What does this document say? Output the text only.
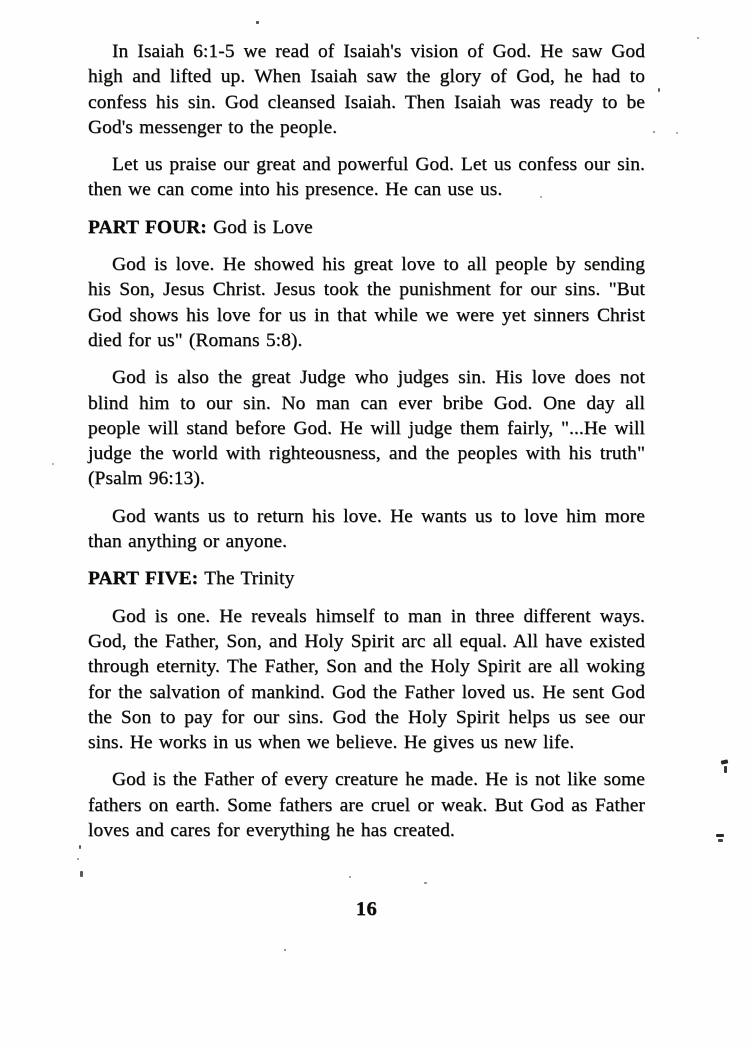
In Isaiah 6:1-5 we read of Isaiah's vision of God. He saw God high and lifted up. When Isaiah saw the glory of God, he had to confess his sin. God cleansed Isaiah. Then Isaiah was ready to be God's messenger to the people.

Let us praise our great and powerful God. Let us confess our sin. then we can come into his presence. He can use us.

PART FOUR: God is Love

God is love. He showed his great love to all people by sending his Son, Jesus Christ. Jesus took the punishment for our sins. "But God shows his love for us in that while we were yet sinners Christ died for us" (Romans 5:8).

God is also the great Judge who judges sin. His love does not blind him to our sin. No man can ever bribe God. One day all people will stand before God. He will judge them fairly, "...He will judge the world with righteousness, and the peoples with his truth" (Psalm 96:13).

God wants us to return his love. He wants us to love him more than anything or anyone.

PART FIVE: The Trinity

God is one. He reveals himself to man in three different ways. God, the Father, Son, and Holy Spirit arc all equal. All have existed through eternity. The Father, Son and the Holy Spirit are all woking for the salvation of mankind. God the Father loved us. He sent God the Son to pay for our sins. God the Holy Spirit helps us see our sins. He works in us when we believe. He gives us new life.

God is the Father of every creature he made. He is not like some fathers on earth. Some fathers are cruel or weak. But God as Father loves and cares for everything he has created.

16
